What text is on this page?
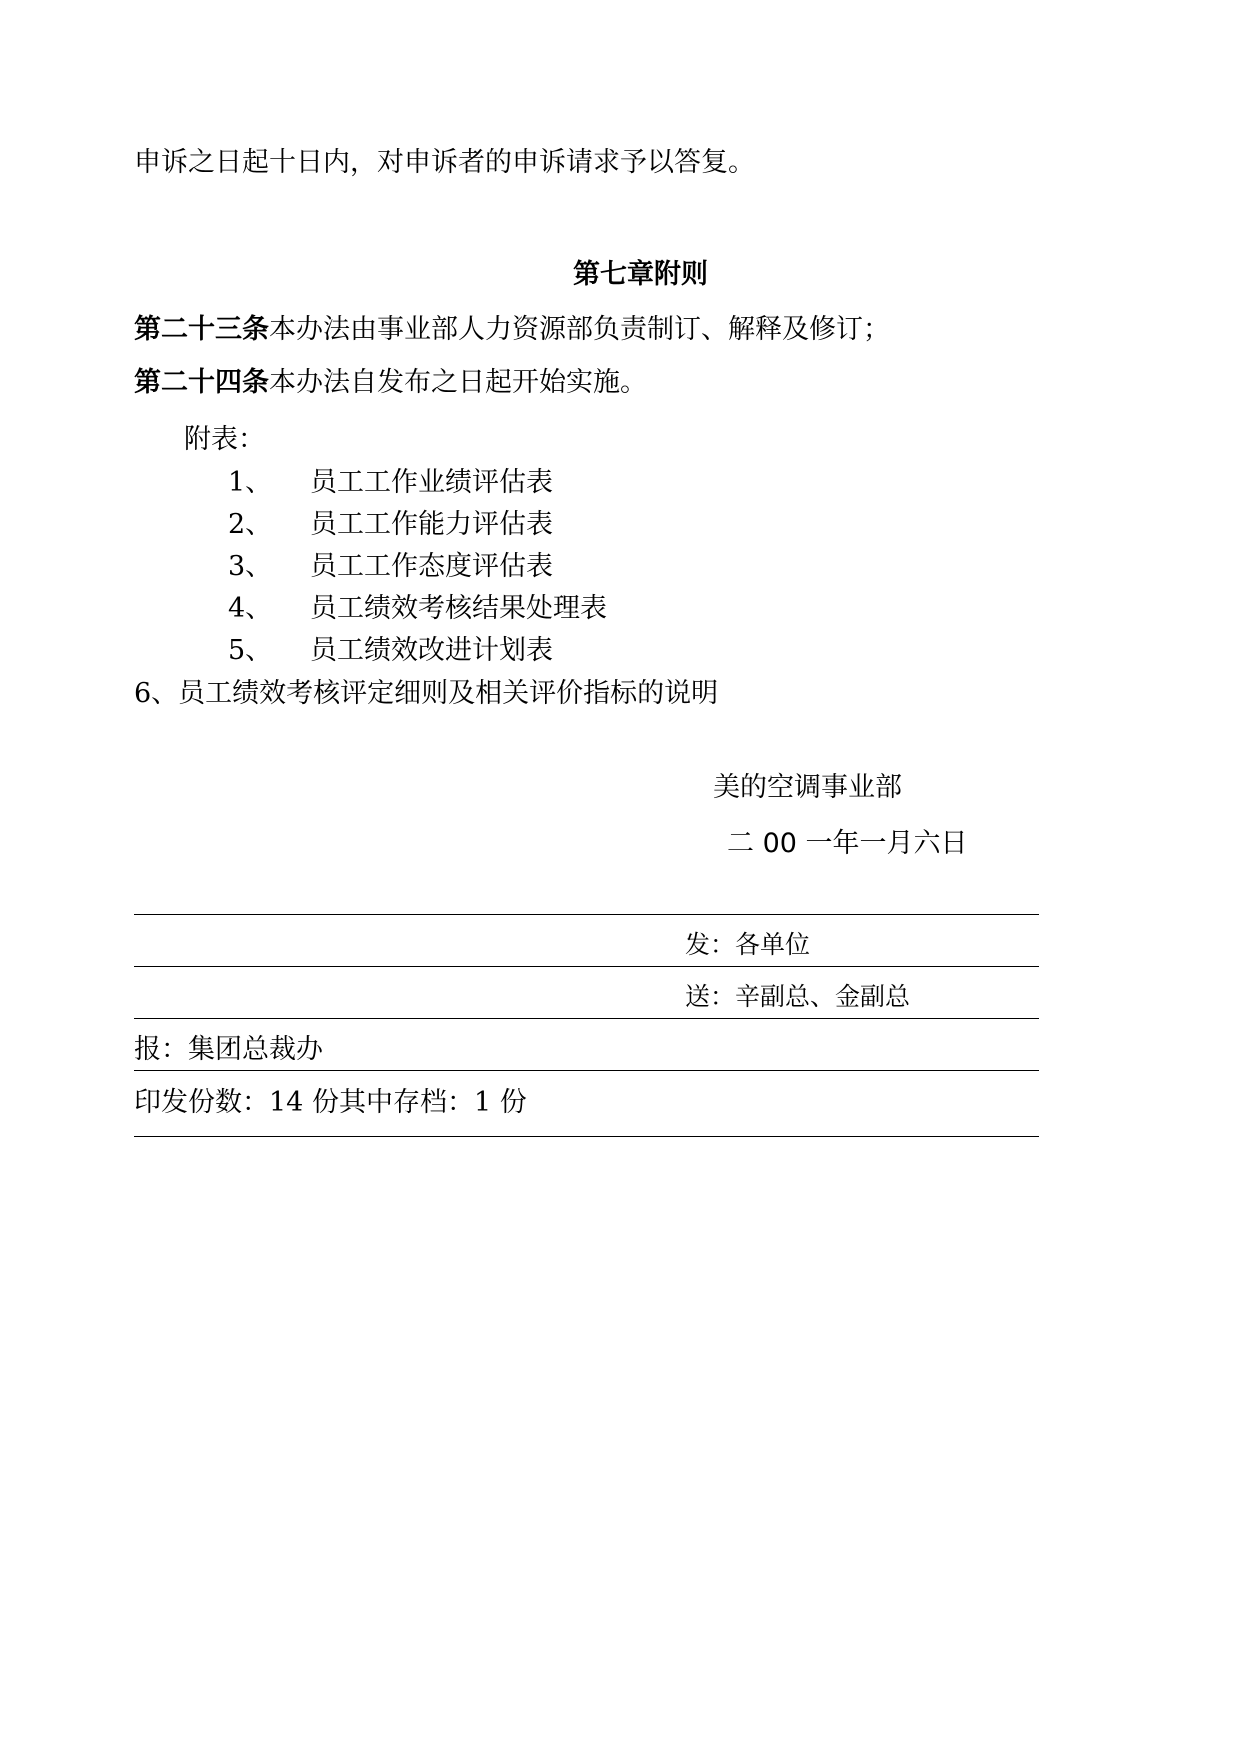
申诉之日起十日内，对申诉者的申诉请求予以答复。
第七章附则
第二十三条本办法由事业部人力资源部负责制订、解释及修订；
第二十四条本办法自发布之日起开始实施。
附表：
1、 员工工作业绩评估表
2、 员工工作能力评估表
3、 员工工作态度评估表
4、 员工绩效考核结果处理表
5、 员工绩效改进计划表
6、员工绩效考核评定细则及相关评价指标的说明
美的空调事业部
二 00 一年一月六日
发：各单位
送：辛副总、金副总
报：集团总裁办
印发份数：14 份其中存档：1 份
